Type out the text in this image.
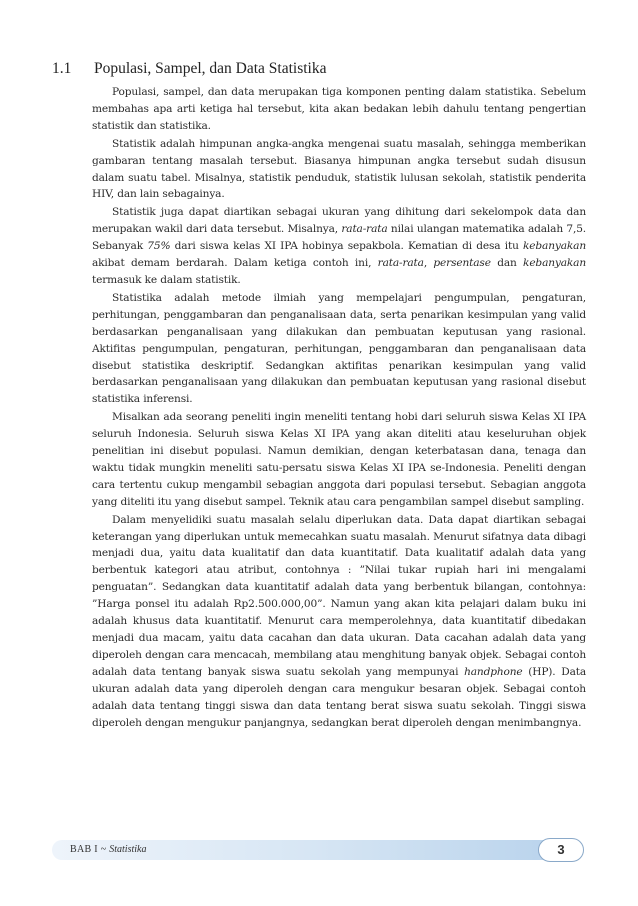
1.1 Populasi, Sampel, dan Data Statistika

Populasi, sampel, dan data merupakan tiga komponen penting dalam statistika. Sebelum membahas apa arti ketiga hal tersebut, kita akan bedakan lebih dahulu tentang pengertian statistik dan statistika.

Statistik adalah himpunan angka-angka mengenai suatu masalah, sehingga memberikan gambaran tentang masalah tersebut. Biasanya himpunan angka tersebut sudah disusun dalam suatu tabel. Misalnya, statistik penduduk, statistik lulusan sekolah, statistik penderita HIV, dan lain sebagainya.

Statistik juga dapat diartikan sebagai ukuran yang dihitung dari sekelompok data dan merupakan wakil dari data tersebut. Misalnya, rata-rata nilai ulangan matematika adalah 7,5. Sebanyak 75% dari siswa kelas XI IPA hobinya sepakbola. Kematian di desa itu kebanyakan akibat demam berdarah. Dalam ketiga contoh ini, rata-rata, persentase dan kebanyakan termasuk ke dalam statistik.

Statistika adalah metode ilmiah yang mempelajari pengumpulan, pengaturan, perhitungan, penggambaran dan penganalisaan data, serta penarikan kesimpulan yang valid berdasarkan penganalisaan yang dilakukan dan pembuatan keputusan yang rasional. Aktifitas pengumpulan, pengaturan, perhitungan, penggambaran dan penganalisaan data disebut statistika deskriptif. Sedangkan aktifitas penarikan kesimpulan yang valid berdasarkan penganalisaan yang dilakukan dan pembuatan keputusan yang rasional disebut statistika inferensi.

Misalkan ada seorang peneliti ingin meneliti tentang hobi dari seluruh siswa Kelas XI IPA seluruh Indonesia. Seluruh siswa Kelas XI IPA yang akan diteliti atau keseluruhan objek penelitian ini disebut populasi. Namun demikian, dengan keterbatasan dana, tenaga dan waktu tidak mungkin meneliti satu-persatu siswa Kelas XI IPA se-Indonesia. Peneliti dengan cara tertentu cukup mengambil sebagian anggota dari populasi tersebut. Sebagian anggota yang diteliti itu yang disebut sampel. Teknik atau cara pengambilan sampel disebut sampling.

Dalam menyelidiki suatu masalah selalu diperlukan data. Data dapat diartikan sebagai keterangan yang diperlukan untuk memecahkan suatu masalah. Menurut sifatnya data dibagi menjadi dua, yaitu data kualitatif dan data kuantitatif. Data kualitatif adalah data yang berbentuk kategori atau atribut, contohnya : ”Nilai tukar rupiah hari ini mengalami penguatan”. Sedangkan data kuantitatif adalah data yang berbentuk bilangan, contohnya: ”Harga ponsel itu adalah Rp2.500.000,00”. Namun yang akan kita pelajari dalam buku ini adalah khusus data kuantitatif. Menurut cara memperolehnya, data kuantitatif dibedakan menjadi dua macam, yaitu data cacahan dan data ukuran. Data cacahan adalah data yang diperoleh dengan cara mencacah, membilang atau menghitung banyak objek. Sebagai contoh adalah data tentang banyak siswa suatu sekolah yang mempunyai handphone (HP). Data ukuran adalah data yang diperoleh dengan cara mengukur besaran objek. Sebagai contoh adalah data tentang tinggi siswa dan data tentang berat siswa suatu sekolah. Tinggi siswa diperoleh dengan mengukur panjangnya, sedangkan berat diperoleh dengan menimbangnya.

BAB I ~ Statistika	3
